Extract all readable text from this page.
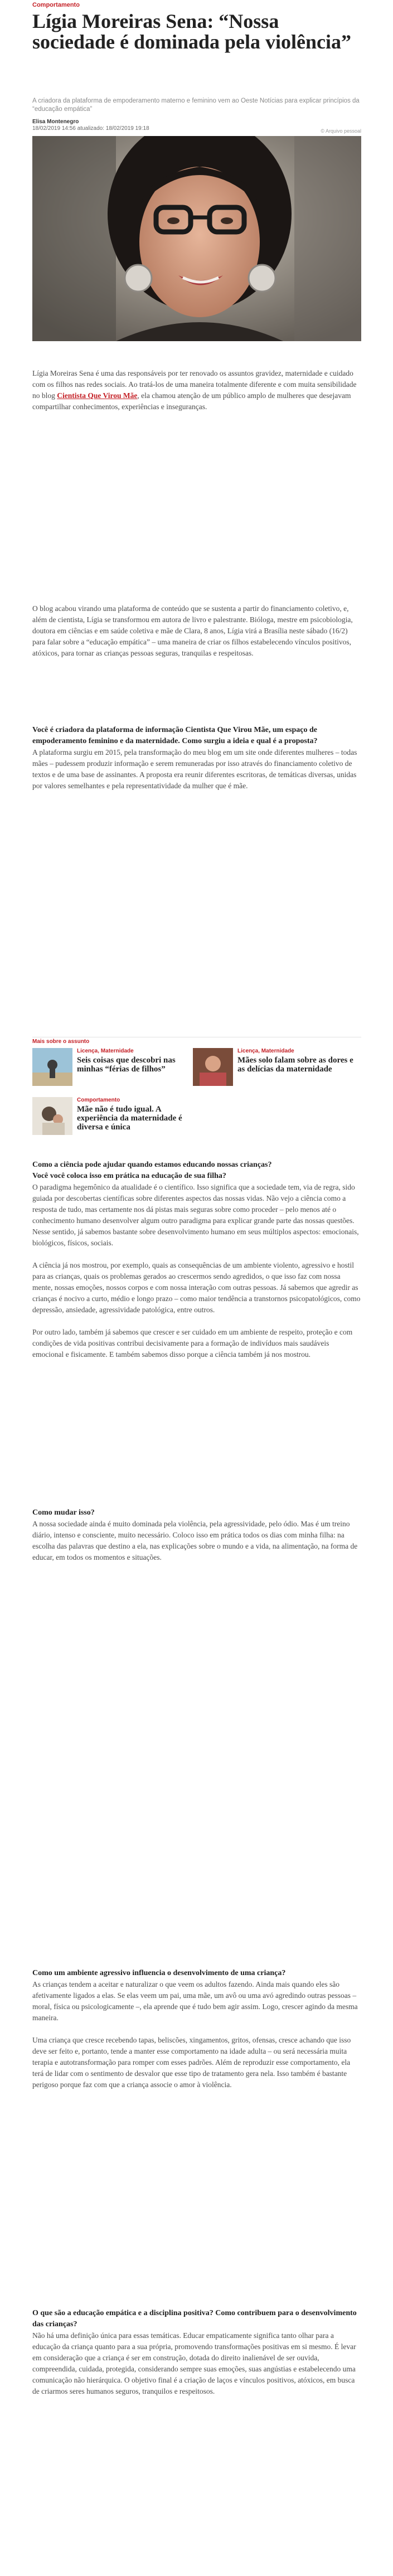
Comportamento
Lígia Moreiras Sena: “Nossa sociedade é dominada pela violência”

A criadora da plataforma de empoderamento materno e feminino vem ao Oeste Notícias para explicar princípios da “educação empática”

Elisa Montenegro
18/02/2019 14:56 atualizado: 18/02/2019 19:18	© Arquivo pessoal

Lígia Moreiras Sena é uma das responsáveis por ter renovado os assuntos gravidez, maternidade e cuidado com os filhos nas redes sociais. Ao tratá-los de uma maneira totalmente diferente e com muita sensibilidade no blog Cientista Que Virou Mãe, ela chamou atenção de um público amplo de mulheres que desejavam compartilhar conhecimentos, experiências e inseguranças.

O blog acabou virando uma plataforma de conteúdo que se sustenta a partir do financiamento coletivo, e, além de cientista, Lígia se transformou em autora de livro e palestrante. Bióloga, mestre em psicobiologia, doutora em ciências e em saúde coletiva e mãe de Clara, 8 anos, Lígia virá a Brasília neste sábado (16/2) para falar sobre a “educação empática” – uma maneira de criar os filhos estabelecendo vínculos positivos, atóxicos, para tornar as crianças pessoas seguras, tranquilas e respeitosas.

Você é criadora da plataforma de informação Cientista Que Virou Mãe, um espaço de empoderamento feminino e da maternidade. Como surgiu a ideia e qual é a proposta?

A plataforma surgiu em 2015, pela transformação do meu blog em um site onde diferentes mulheres – todas mães – pudessem produzir informação e serem remuneradas por isso através do financiamento coletivo de textos e de uma base de assinantes. A proposta era reunir diferentes escritoras, de temáticas diversas, unidas por valores semelhantes e pela representatividade da mulher que é mãe.

Mais sobre o assunto
Licença, Maternidade
Seis coisas que descobri nas minhas “férias de filhos”
Licença, Maternidade
Mães solo falam sobre as dores e as delícias da maternidade
Comportamento
Mãe não é tudo igual. A experiência da maternidade é diversa e única

Como a ciência pode ajudar quando estamos educando nossas crianças?

Você você coloca isso em prática na educação de sua filha?

O paradigma hegemônico da atualidade é o científico. Isso significa que a sociedade tem, via de regra, sido guiada por descobertas científicas sobre diferentes aspectos das nossas vidas. Não vejo a ciência como a resposta de tudo, mas certamente nos dá pistas mais seguras sobre como proceder – pelo menos até o conhecimento humano desenvolver algum outro paradigma para explicar grande parte das nossas questões. Nesse sentido, já sabemos bastante sobre desenvolvimento humano em seus múltiplos aspectos: emocionais, biológicos, físicos, sociais.

A ciência já nos mostrou, por exemplo, quais as consequências de um ambiente violento, agressivo e hostil para as crianças, quais os problemas gerados ao crescermos sendo agredidos, o que isso faz com nossa mente, nossas emoções, nossos corpos e com nossa interação com outras pessoas. Já sabemos que agredir as crianças é nocivo a curto, médio e longo prazo – como maior tendência a transtornos psicopatológicos, como depressão, ansiedade, agressividade patológica, entre outros.

Por outro lado, também já sabemos que crescer e ser cuidado em um ambiente de respeito, proteção e com condições de vida positivas contribui decisivamente para a formação de indivíduos mais saudáveis emocional e fisicamente. E também sabemos disso porque a ciência também já nos mostrou.

Como mudar isso?

A nossa sociedade ainda é muito dominada pela violência, pela agressividade, pelo ódio. Mas é um treino diário, intenso e consciente, muito necessário. Coloco isso em prática todos os dias com minha filha: na escolha das palavras que destino a ela, nas explicações sobre o mundo e a vida, na alimentação, na forma de educar, em todos os momentos e situações.

Como um ambiente agressivo influencia o desenvolvimento de uma criança?

As crianças tendem a aceitar e naturalizar o que veem os adultos fazendo. Ainda mais quando eles são afetivamente ligados a elas. Se elas veem um pai, uma mãe, um avô ou uma avó agredindo outras pessoas – moral, física ou psicologicamente –, ela aprende que é tudo bem agir assim. Logo, crescer agindo da mesma maneira.

Uma criança que cresce recebendo tapas, beliscões, xingamentos, gritos, ofensas, cresce achando que isso deve ser feito e, portanto, tende a manter esse comportamento na idade adulta – ou será necessária muita terapia e autotransformação para romper com esses padrões. Além de reproduzir esse comportamento, ela terá de lidar com o sentimento de desvalor que esse tipo de tratamento gera nela. Isso também é bastante perigoso porque faz com que a criança associe o amor à violência.

O que são a educação empática e a disciplina positiva? Como contribuem para o desenvolvimento das crianças?

Não há uma definição única para essas temáticas. Educar empaticamente significa tanto olhar para a educação da criança quanto para a sua própria, promovendo transformações positivas em si mesmo. É levar em consideração que a criança é ser em construção, dotada do direito inalienável de ser ouvida, compreendida, cuidada, protegida, considerando sempre suas emoções, suas angústias e estabelecendo uma comunicação não hierárquica. O objetivo final é a criação de laços e vínculos positivos, atóxicos, em busca de criarmos seres humanos seguros, tranquilos e respeitosos.
